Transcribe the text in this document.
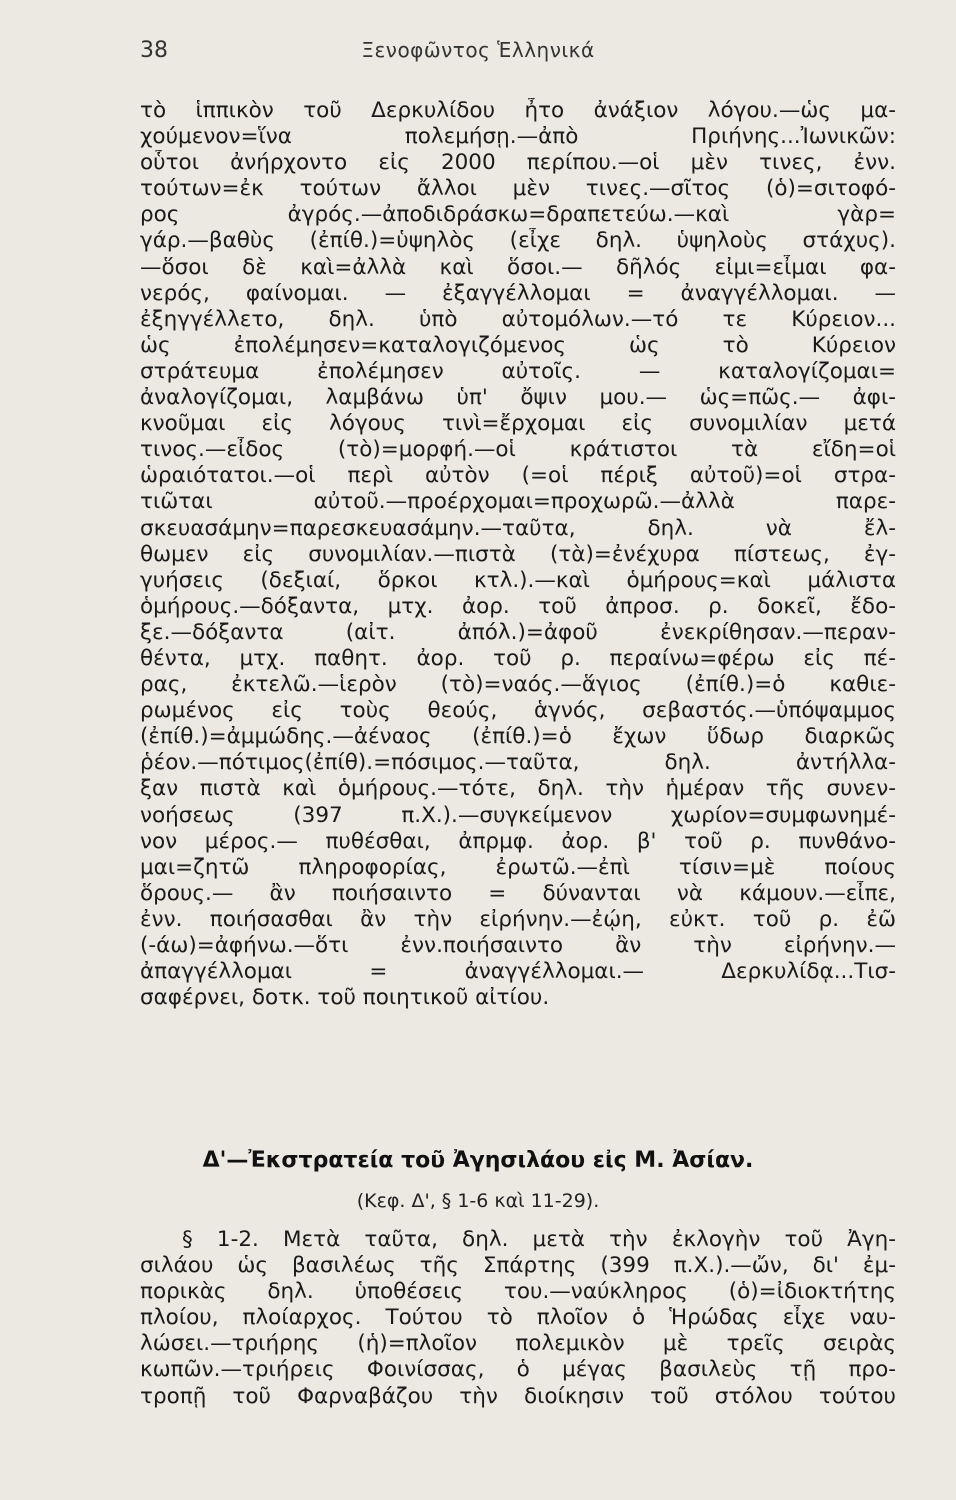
38	Ξενοφῶντος Ἑλληνικά
τὸ ἱππικὸν τοῦ Δερκυλίδου ἦτο ἀνάξιον λόγου.—ὡς μα-
χούμενον=ἵνα πολεμήσῃ.—ἀπὸ Πριήνης...Ἰωνικῶν:
οὗτοι ἀνήρχοντο εἰς 2000 περίπου.—οἱ μὲν τινες, ἐνν.
τούτων=ἐκ τούτων ἄλλοι μὲν τινες.—σῖτος (ὁ)=σιτοφό-
ρος ἀγρός.—ἀποδιδράσκω=δραπετεύω.—καὶ γὰρ=
γάρ.—βαθὺς (ἐπίθ.)=ὑψηλὸς (εἶχε δηλ. ὑψηλοὺς στάχυς).
—ὅσοι δὲ καὶ=ἀλλὰ καὶ ὅσοι.— δῆλός εἰμι=εἶμαι φα-
νερός, φαίνομαι. — ἐξαγγέλλομαι = ἀναγγέλλομαι. —
ἐξηγγέλλετο, δηλ. ὑπὸ αὐτομόλων.—τό τε Κύρειον...
ὡς ἐπολέμησεν=καταλογιζόμενος ὡς τὸ Κύρειον
στράτευμα ἐπολέμησεν αὐτοῖς. — καταλογίζομαι=
ἀναλογίζομαι, λαμβάνω ὑπ' ὄψιν μου.— ὡς=πῶς.— ἀφι-
κνοῦμαι εἰς λόγους τινὶ=ἔρχομαι εἰς συνομιλίαν μετά
τινος.—εἶδος (τὸ)=μορφή.—οἱ κράτιστοι τὰ εἴδη=οἱ
ὡραιότατοι.—οἱ περὶ αὐτὸν (=οἱ πέριξ αὐτοῦ)=οἱ στρα-
τιῶται αὐτοῦ.—προέρχομαι=προχωρῶ.—ἀλλὰ παρε-
σκευασάμην=παρεσκευασάμην.—ταῦτα, δηλ. νὰ ἔλ-
θωμεν εἰς συνομιλίαν.—πιστὰ (τὰ)=ἐνέχυρα πίστεως, ἐγ-
γυήσεις (δεξιαί, ὅρκοι κτλ.).—καὶ ὁμήρους=καὶ μάλιστα
ὁμήρους.—δόξαντα, μτχ. ἀορ. τοῦ ἀπροσ. ρ. δοκεῖ, ἔδο-
ξε.—δόξαντα (αἰτ. ἀπόλ.)=ἀφοῦ ἐνεκρίθησαν.—περαν-
θέντα, μτχ. παθητ. ἀορ. τοῦ ρ. περαίνω=φέρω εἰς πέ-
ρας, ἐκτελῶ.—ἱερὸν (τὸ)=ναός.—ἅγιος (ἐπίθ.)=ὁ καθιε-
ρωμένος εἰς τοὺς θεούς, ἁγνός, σεβαστός.—ὑπόψαμμος
(ἐπίθ.)=ἀμμώδης.—ἀέναος (ἐπίθ.)=ὁ ἔχων ὕδωρ διαρκῶς
ῥέον.—πότιμος(ἐπίθ).=πόσιμος.—ταῦτα, δηλ. ἀντήλλα-
ξαν πιστὰ καὶ ὁμήρους.—τότε, δηλ. τὴν ἡμέραν τῆς συνεν-
νοήσεως (397 π.Χ.).—συγκείμενον χωρίον=συμφωνημέ-
νον μέρος.— πυθέσθαι, ἀπρμφ. ἀορ. β' τοῦ ρ. πυνθάνο-
μαι=ζητῶ πληροφορίας, ἐρωτῶ.—ἐπὶ τίσιν=μὲ ποίους
ὅρους.— ἂν ποιήσαιντο = δύνανται νὰ κάμουν.—εἶπε,
ἐνν. ποιήσασθαι ἂν τὴν εἰρήνην.—ἐῴη, εὐκτ. τοῦ ρ. ἐῶ
(-άω)=ἀφήνω.—ὅτι ἐνν.ποιήσαιντο ἂν τὴν εἰρήνην.—
ἀπαγγέλλομαι = ἀναγγέλλομαι.— Δερκυλίδᾳ...Τισ-
σαφέρνει, δοτκ. τοῦ ποιητικοῦ αἰτίου.
Δ'—Ἐκστρατεία τοῦ Ἀγησιλάου εἰς Μ. Ἀσίαν.
(Κεφ. Δ', § 1-6 καὶ 11-29).
§ 1-2. Μετὰ ταῦτα, δηλ. μετὰ τὴν ἐκλογὴν τοῦ Ἀγη-
σιλάου ὡς βασιλέως τῆς Σπάρτης (399 π.Χ.).—ὤν, δι' ἐμ-
πορικὰς δηλ. ὑποθέσεις του.—ναύκληρος (ὁ)=ἰδιοκτήτης
πλοίου, πλοίαρχος. Τούτου τὸ πλοῖον ὁ Ἡρώδας εἶχε ναυ-
λώσει.—τριήρης (ἡ)=πλοῖον πολεμικὸν μὲ τρεῖς σειρὰς
κωπῶν.—τριήρεις Φοινίσσας, ὁ μέγας βασιλεὺς τῇ προ-
τροπῇ τοῦ Φαρναβάζου τὴν διοίκησιν τοῦ στόλου τούτου
